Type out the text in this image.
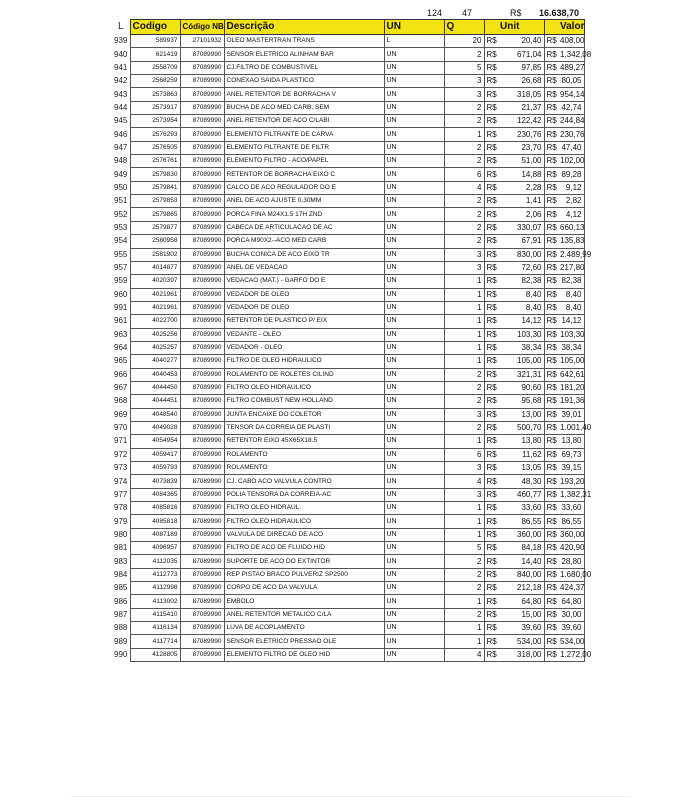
124 47	R$ 16.638,70
L	Codigo	Código NB	Descrição	UN	Q		Unit		Valor
939	589937	27101932	OLEO MASTERTRAN TRANS	L	20	R$	20,40	R$	408,00
940	621419	87089990	SENSOR ELETRICO ALINHAM BAR	UN	2	R$	671,04	R$	1.342,08
941	2558709	87089990	CJ.FILTRO DE COMBUSTIVEL	UN	5	R$	97,85	R$	489,27
942	2568259	87089990	CONEXAO SAIDA PLASTICO	UN	3	R$	26,68	R$	80,05
943	2573863	87089990	ANEL RETENTOR DE BORRACHA V	UN	3	R$	318,05	R$	954,14
944	2573917	87089990	BUCHA DE ACO MED CARB, SEM	UN	2	R$	21,37	R$	42,74
945	2573954	87089990	ANEL RETENTOR DE ACO C/LABI	UN	2	R$	122,42	R$	244,84
946	2576293	87089990	ELEMENTO FILTRANTE DE CARVA	UN	1	R$	230,76	R$	230,76
947	2576505	87089990	ELEMENTO FILTRANTE DE FILTR	UN	2	R$	23,70	R$	47,40
948	2576761	87089990	ELEMENTO FILTRO - ACO/PAPEL	UN	2	R$	51,00	R$	102,00
949	2579830	87089990	RETENTOR DE BORRACHA EIXO C	UN	6	R$	14,88	R$	89,28
950	2579841	87089990	CALCO DE ACO REGULADOR DO E	UN	4	R$	2,28	R$	9,12
951	2579853	87089990	ANEL DE ACO AJUSTE 0,30MM	UN	2	R$	1,41	R$	2,82
952	2579865	87089990	PORCA FINA M24X1.5 17H ZND	UN	2	R$	2,06	R$	4,12
953	2579877	87089990	CABECA DE ARTICULACAO DE AC	UN	2	R$	330,07	R$	660,13
954	2580958	87089990	PORCA M90X2--ACO MED CARB	UN	2	R$	67,91	R$	135,83
955	2581902	87089990	BUCHA CONICA DE ACO EIXO TR	UN	3	R$	830,00	R$	2.489,99
957	4014877	87089990	ANEL DE VEDACAO	UN	3	R$	72,60	R$	217,80
959	4020397	87089990	VEDACAO (MAT.) - GARFO DO E	UN	1	R$	82,38	R$	82,38
960	4021961	87089990	VEDADOR DE OLEO	UN	1	R$	8,40	R$	8,40
991	4021961	87089990	VEDADOR DE OLEO	UN	1	R$	8,40	R$	8,40
961	4022700	87089990	RETENTOR DE PLASTICO P/ EIX	UN	1	R$	14,12	R$	14,12
963	4025256	87089990	VEDANTE - OLEO	UN	1	R$	103,30	R$	103,30
964	4025257	87089990	VEDADOR - OLEO	UN	1	R$	38,34	R$	38,34
965	4040277	87089990	FILTRO DE OLEO HIDRAULICO	UN	1	R$	105,00	R$	105,00
966	4040453	87089990	ROLAMENTO DE ROLETES CILIND	UN	2	R$	321,31	R$	642,61
967	4044450	87089990	FILTRO OLEO HIDRAULICO	UN	2	R$	90,60	R$	181,20
968	4044451	87089990	FILTRO COMBUST NEW HOLLAND	UN	2	R$	95,68	R$	191,36
969	4048540	87089990	JUNTA ENCAIXE DO COLETOR	UN	3	R$	13,00	R$	39,01
970	4049028	87089990	TENSOR DA CORREIA DE PLASTI	UN	2	R$	500,70	R$	1.001,40
971	4054954	87089990	RETENTOR EIXO 45X65X18.5	UN	1	R$	13,80	R$	13,80
972	4059417	87089990	ROLAMENTO	UN	6	R$	11,62	R$	69,73
973	4059793	87089990	ROLAMENTO	UN	3	R$	13,05	R$	39,15
974	4073839	87089990	CJ. CABO ACO VALVULA CONTRO	UN	4	R$	48,30	R$	193,20
977	4084365	87089990	POLIA TENSORA DA CORREIA-AC	UN	3	R$	460,77	R$	1.382,31
978	4085816	87089990	FILTRO OLEO HIDRAUL.	UN	1	R$	33,60	R$	33,60
979	4085818	87089990	FILTRO OLEO HIDRAULICO	UN	1	R$	86,55	R$	86,55
980	4087189	87089990	VALVULA DE DIRECAO DE ACO	UN	1	R$	360,00	R$	360,00
981	4096957	87089990	FILTRO DE ACO DE FLUIDO HID	UN	5	R$	84,18	R$	420,90
983	4112035	87089990	SUPORTE DE ACO DO EXTINTOR	UN	2	R$	14,40	R$	28,80
984	4112773	87089990	REP PISTAO BRACO PULVERIZ SP2500	UN	2	R$	840,00	R$	1.680,00
985	4112998	87089990	CORPO DE ACO DA VALVULA	UN	2	R$	212,18	R$	424,37
986	4113002	87089990	EMBOLO	UN	1	R$	64,80	R$	64,80
987	4115410	87089990	ANEL RETENTOR METALICO C/LA	UN	2	R$	15,00	R$	30,00
988	4116134	87089990	LUVA DE ACOPLAMENTO	UN	1	R$	39,60	R$	39,60
989	4117714	87089990	SENSOR ELETRICO PRESSAO OLE	UN	1	R$	534,00	R$	534,00
990	4128805	87089990	ELEMENTO FILTRO DE OLEO HID	UN	4	R$	318,00	R$	1.272,00
